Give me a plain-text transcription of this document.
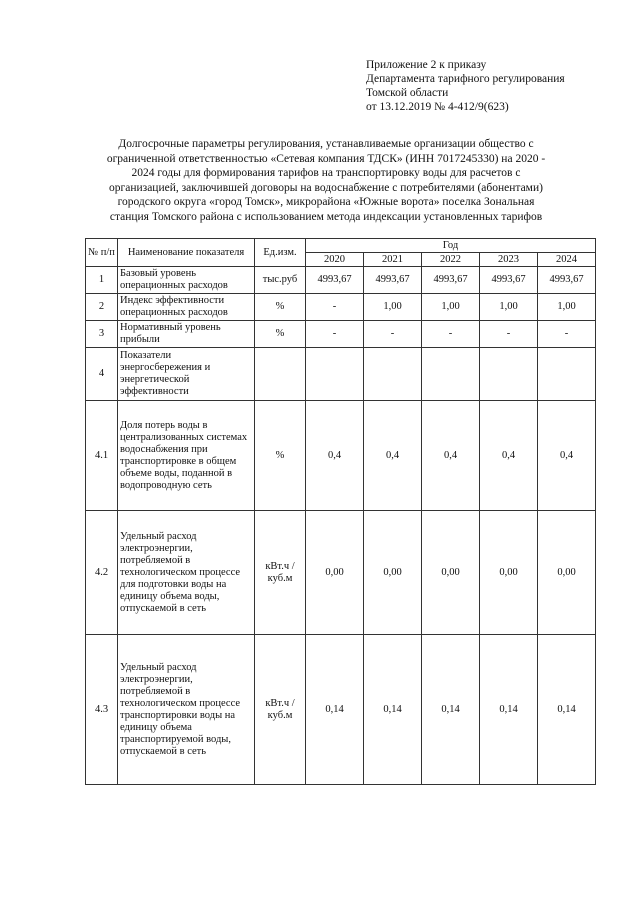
Приложение 2 к приказу
Департамента тарифного регулирования
Томской области
от 13.12.2019 № 4-412/9(623)
Долгосрочные параметры регулирования, устанавливаемые организации общество с
ограниченной ответственностью «Сетевая компания ТДСК» (ИНН 7017245330) на 2020 -
2024 годы для формирования тарифов на транспортировку воды для расчетов с
организацией, заключившей договоры на водоснабжение с потребителями (абонентами)
городского округа «город Томск», микрорайона «Южные ворота» поселка Зональная
станция Томского района с использованием метода индексации установленных тарифов
№ п/п	Наименование показателя	Ед.изм.	Год				
			2020	2021	2022	2023	2024
1	Базовый уровень операционных расходов	тыс.руб	4993,67	4993,67	4993,67	4993,67	4993,67
2	Индекс эффективности операционных расходов	%	-	1,00	1,00	1,00	1,00
3	Нормативный уровень прибыли	%	-	-	-	-	-
4	Показатели энергосбережения и энергетической эффективности						
4.1	Доля потерь воды в централизованных системах водоснабжения при транспортировке в общем объеме воды, поданной в водопроводную сеть	%	0,4	0,4	0,4	0,4	0,4
4.2	Удельный расход электроэнергии, потребляемой в технологическом процессе для подготовки воды на единицу объема воды, отпускаемой в сеть	кВт.ч / куб.м	0,00	0,00	0,00	0,00	0,00
4.3	Удельный расход электроэнергии, потребляемой в технологическом процессе транспортировки воды на единицу объема транспортируемой воды, отпускаемой в сеть	кВт.ч / куб.м	0,14	0,14	0,14	0,14	0,14
